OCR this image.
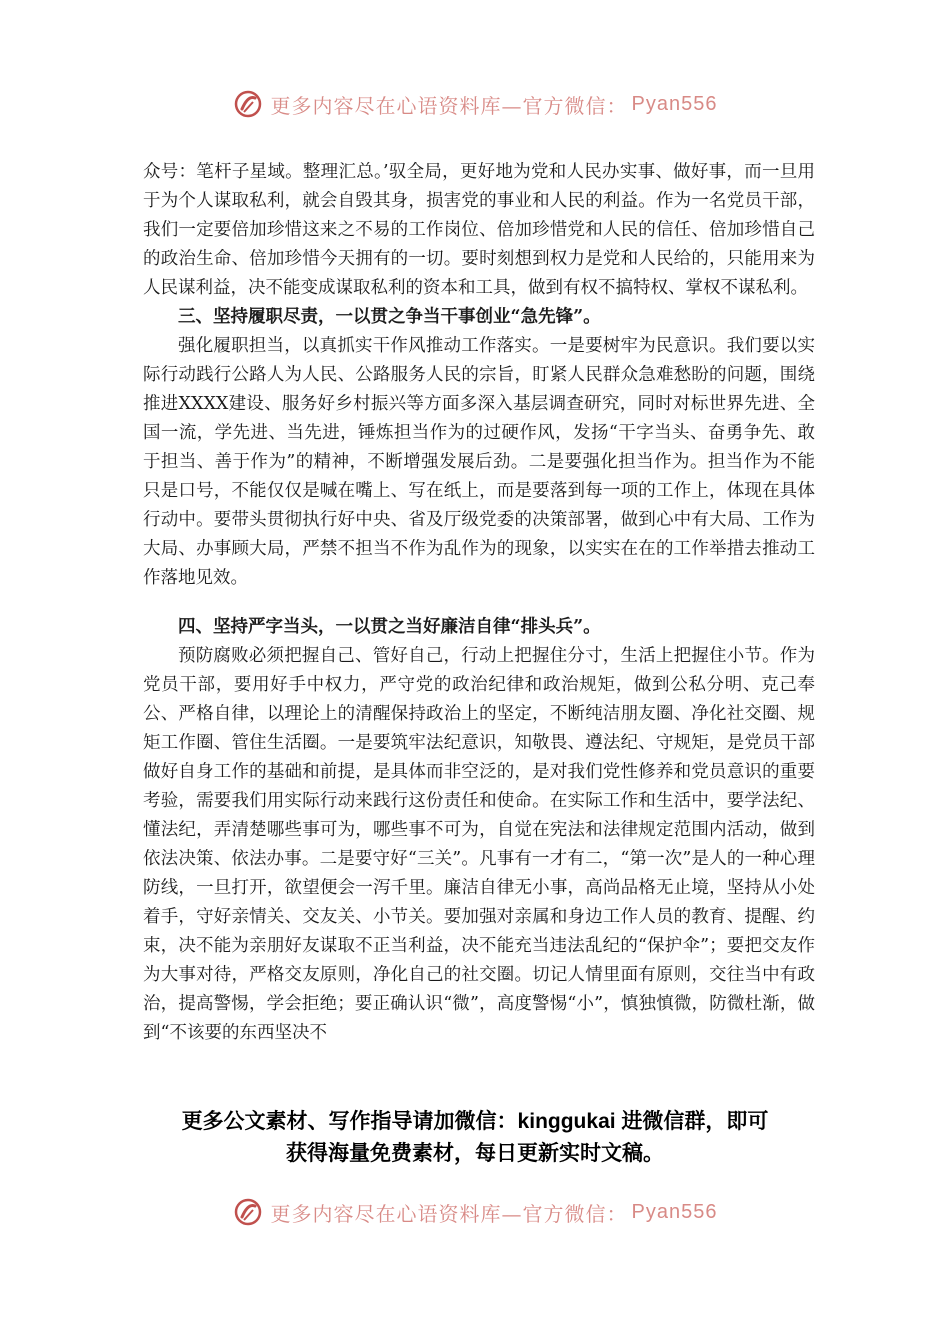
更多内容尽在心语资料库—官方微信： Pyan556

众号：笔杆子星域。整理汇总。’驭全局，更好地为党和人民办实事、做好事，而一旦用于为个人谋取私利，就会自毁其身，损害党的事业和人民的利益。作为一名党员干部，我们一定要倍加珍惜这来之不易的工作岗位、倍加珍惜党和人民的信任、倍加珍惜自己的政治生命、倍加珍惜今天拥有的一切。要时刻想到权力是党和人民给的，只能用来为人民谋利益，决不能变成谋取私利的资本和工具，做到有权不搞特权、掌权不谋私利。

三、坚持履职尽责，一以贯之争当干事创业“急先锋”。

强化履职担当，以真抓实干作风推动工作落实。一是要树牢为民意识。我们要以实际行动践行公路人为人民、公路服务人民的宗旨，盯紧人民群众急难愁盼的问题，围绕推进XXXX建设、服务好乡村振兴等方面多深入基层调查研究，同时对标世界先进、全国一流，学先进、当先进，锤炼担当作为的过硬作风，发扬“干字当头、奋勇争先、敢于担当、善于作为”的精神，不断增强发展后劲。二是要强化担当作为。担当作为不能只是口号，不能仅仅是喊在嘴上、写在纸上，而是要落到每一项的工作上，体现在具体行动中。要带头贯彻执行好中央、省及厅级党委的决策部署，做到心中有大局、工作为大局、办事顾大局，严禁不担当不作为乱作为的现象，以实实在在的工作举措去推动工作落地见效。

四、坚持严字当头，一以贯之当好廉洁自律“排头兵”。

预防腐败必须把握自己、管好自己，行动上把握住分寸，生活上把握住小节。作为党员干部，要用好手中权力，严守党的政治纪律和政治规矩，做到公私分明、克己奉公、严格自律，以理论上的清醒保持政治上的坚定，不断纯洁朋友圈、净化社交圈、规矩工作圈、管住生活圈。一是要筑牢法纪意识，知敬畏、遵法纪、守规矩，是党员干部做好自身工作的基础和前提，是具体而非空泛的，是对我们党性修养和党员意识的重要考验，需要我们用实际行动来践行这份责任和使命。在实际工作和生活中，要学法纪、懂法纪，弄清楚哪些事可为，哪些事不可为，自觉在宪法和法律规定范围内活动，做到依法决策、依法办事。二是要守好“三关”。凡事有一才有二，“第一次”是人的一种心理防线，一旦打开，欲望便会一泻千里。廉洁自律无小事，高尚品格无止境，坚持从小处着手，守好亲情关、交友关、小节关。要加强对亲属和身边工作人员的教育、提醒、约束，决不能为亲朋好友谋取不正当利益，决不能充当违法乱纪的“保护伞”；要把交友作为大事对待，严格交友原则，净化自己的社交圈。切记人情里面有原则，交往当中有政治，提高警惕，学会拒绝；要正确认识“微”，高度警惕“小”，慎独慎微，防微杜渐，做到“不该要的东西坚决不

更多公文素材、写作指导请加微信：kinggukai 进微信群，即可
获得海量免费素材，每日更新实时文稿。
更多内容尽在心语资料库—官方微信： Pyan556
